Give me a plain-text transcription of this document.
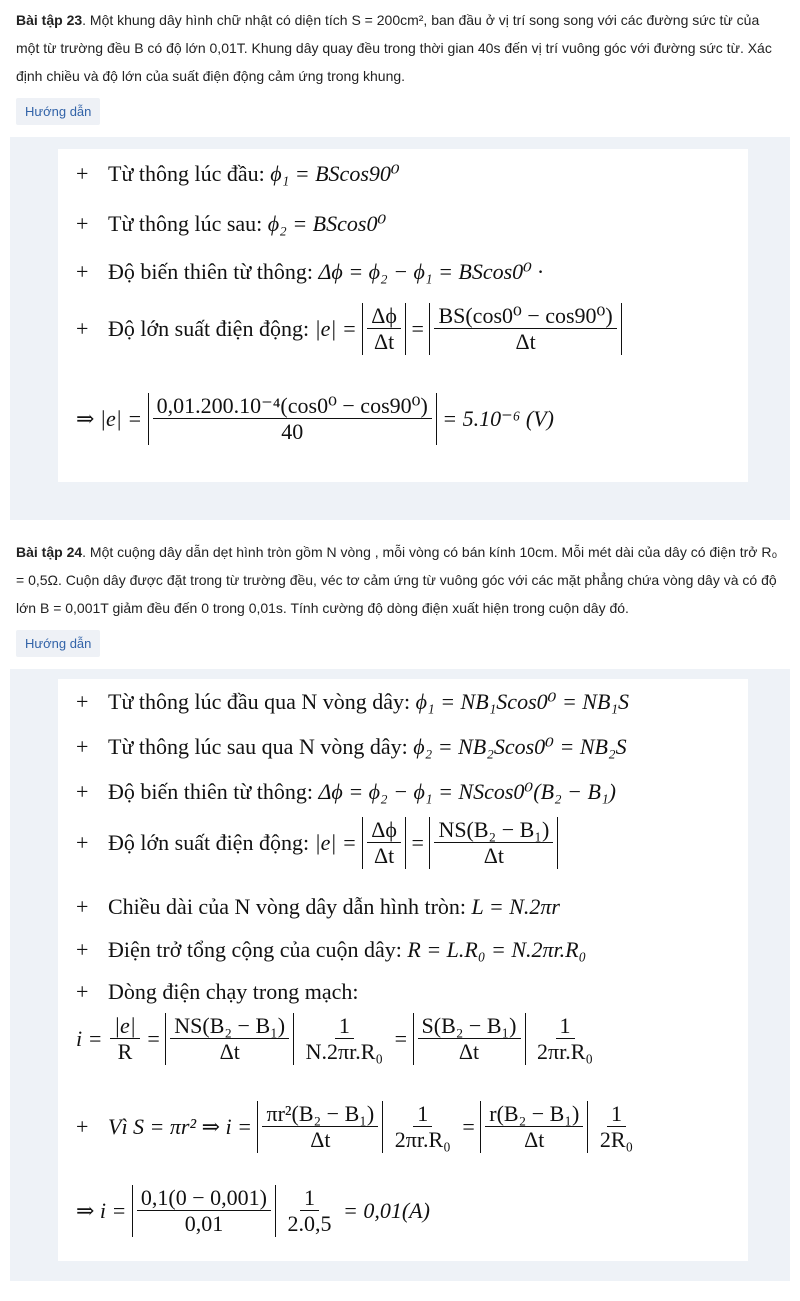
Bài tập 23. Một khung dây hình chữ nhật có diện tích S = 200cm², ban đầu ở vị trí song song với các đường sức từ của một từ trường đều B có độ lớn 0,01T. Khung dây quay đều trong thời gian 40s đến vị trí vuông góc với đường sức từ. Xác định chiều và độ lớn của suất điện động cảm ứng trong khung.

Hướng dẫn
+ Từ thông lúc đầu: ϕ₁ = BScos90⁰
+ Từ thông lúc sau: ϕ₂ = BScos0⁰
+ Độ biến thiên từ thông: Δϕ = ϕ₂ − ϕ₁ = BScos0⁰ ·
+ Độ lớn suất điện động: $|e| = \frac{\Delta\phi}{\Delta t} = \frac{\text{BS(cos0⁰ − cos90⁰)}}{\Delta t}$
⇒ $|e| = \frac{\text{0,01.200.10⁻⁴(cos0⁰ − cos90⁰)}}{40} = 5.10^{-6}$ (V)

Bài tập 24. Một cuộng dây dẫn dẹt hình tròn gồm N vòng , mỗi vòng có bán kính 10cm. Mỗi mét dài của dây có điện trở R₀ = 0,5Ω. Cuộn dây được đặt trong từ trường đều, véc tơ cảm ứng từ vuông góc với các mặt phẳng chứa vòng dây và có độ lớn B = 0,001T giảm đều đến 0 trong 0,01s. Tính cường độ dòng điện xuất hiện trong cuộn dây đó.

Hướng dẫn
+ Từ thông lúc đầu qua N vòng dây: ϕ₁ = NB₁Scos0⁰ = NB₁S
+ Từ thông lúc sau qua N vòng dây: ϕ₂ = NB₂Scos0⁰ = NB₂S
+ Độ biến thiên từ thông: Δϕ = ϕ₂ − ϕ₁ = NScos0⁰(B₂ − B₁)
+ Độ lớn suất điện động: $|e| = \frac{\Delta\phi}{\Delta t} = \frac{\text{NS(B₂ − B₁)}}{\Delta t}$
+ Chiều dài của N vòng dây dẫn hình tròn: L = N.2πr
+ Điện trở tổng cộng của cuộn dây: R = L.R₀ = N.2πr.R₀
+ Dòng điện chạy trong mạch:
$i = \frac{|e|}{R} = \frac{\text{NS(B₂ − B₁)}}{\Delta t}$
$\frac{1}{\text{N.2πr.R₀}} = \frac{\text{S(B₂ − B₁)}}{\Delta t}$
$\frac{1}{\text{2πr.R₀}}$
+ Vì S = πr² ⇒ $i = \frac{\text{πr²(B₂ − B₁)}}{\Delta t}$
$\frac{1}{\text{2πr.R₀}} = \frac{\text{r(B₂ − B₁)}}{\Delta t}$
$\frac{1}{\text{2R₀}}$
⇒ $i = \frac{0,1(0 - 0,001)}{0,01}$
$\frac{1}{2.0,5} = 0,01(A)$
